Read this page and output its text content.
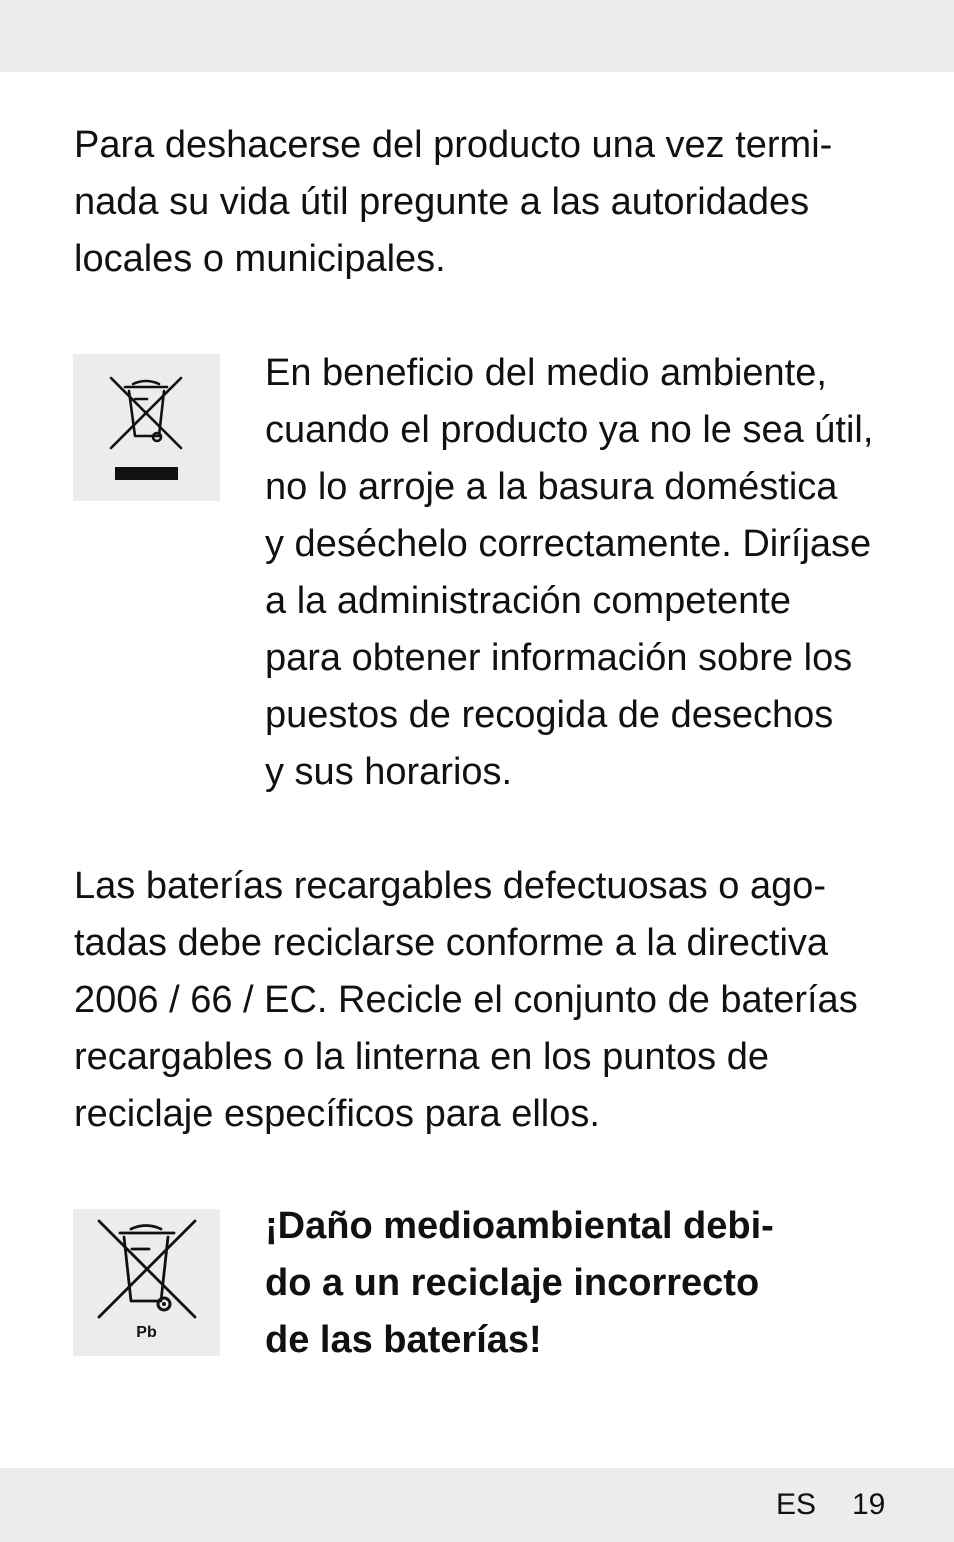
Para deshacerse del producto una vez termi-
nada su vida útil pregunte a las autoridades
locales o municipales.

En beneficio del medio ambiente,
cuando el producto ya no le sea útil,
no lo arroje a la basura doméstica
y deséchelo correctamente. Diríjase
a la administración competente
para obtener información sobre los
puestos de recogida de desechos
y sus horarios.

Las baterías recargables defectuosas o ago-
tadas debe reciclarse conforme a la directiva
2006 / 66 / EC. Recicle el conjunto de baterías
recargables o la linterna en los puntos de
reciclaje específicos para ellos.

Pb

¡Daño medioambiental debi-
do a un reciclaje incorrecto
de las baterías!

ES 19
